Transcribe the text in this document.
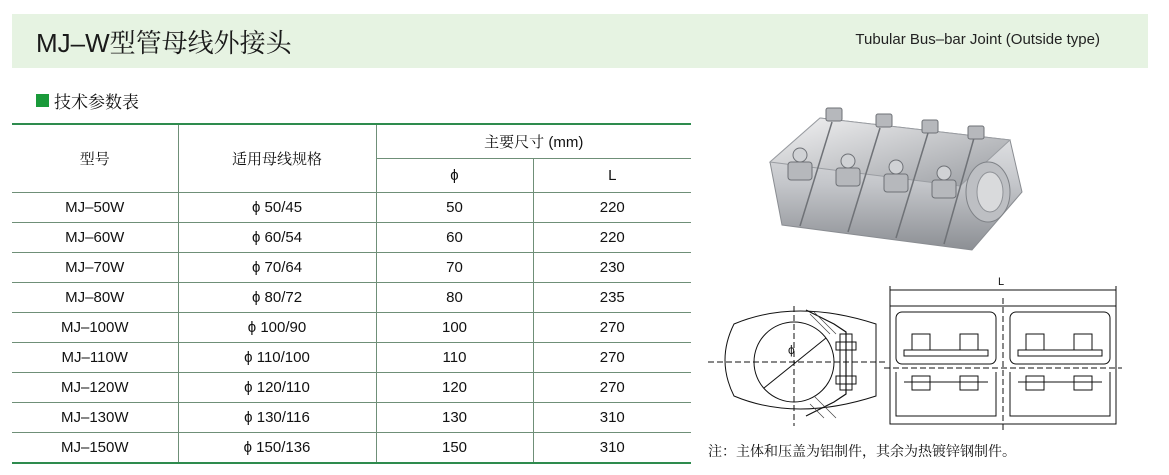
MJ–W型管母线外接头	Tubular Bus–bar Joint (Outside type)
技术参数表
型号	适用母线规格	主要尺寸 (mm)	
		ϕ	L
MJ–50W	ϕ 50/45	50	220
MJ–60W	ϕ 60/54	60	220
MJ–70W	ϕ 70/64	70	230
MJ–80W	ϕ 80/72	80	235
MJ–100W	ϕ 100/90	100	270
MJ–110W	ϕ 110/100	110	270
MJ–120W	ϕ 120/110	120	270
MJ–130W	ϕ 130/116	130	310
MJ–150W	ϕ 150/136	150	310
ϕ
L
注：主体和压盖为铝制件，其余为热镀锌钢制件。
